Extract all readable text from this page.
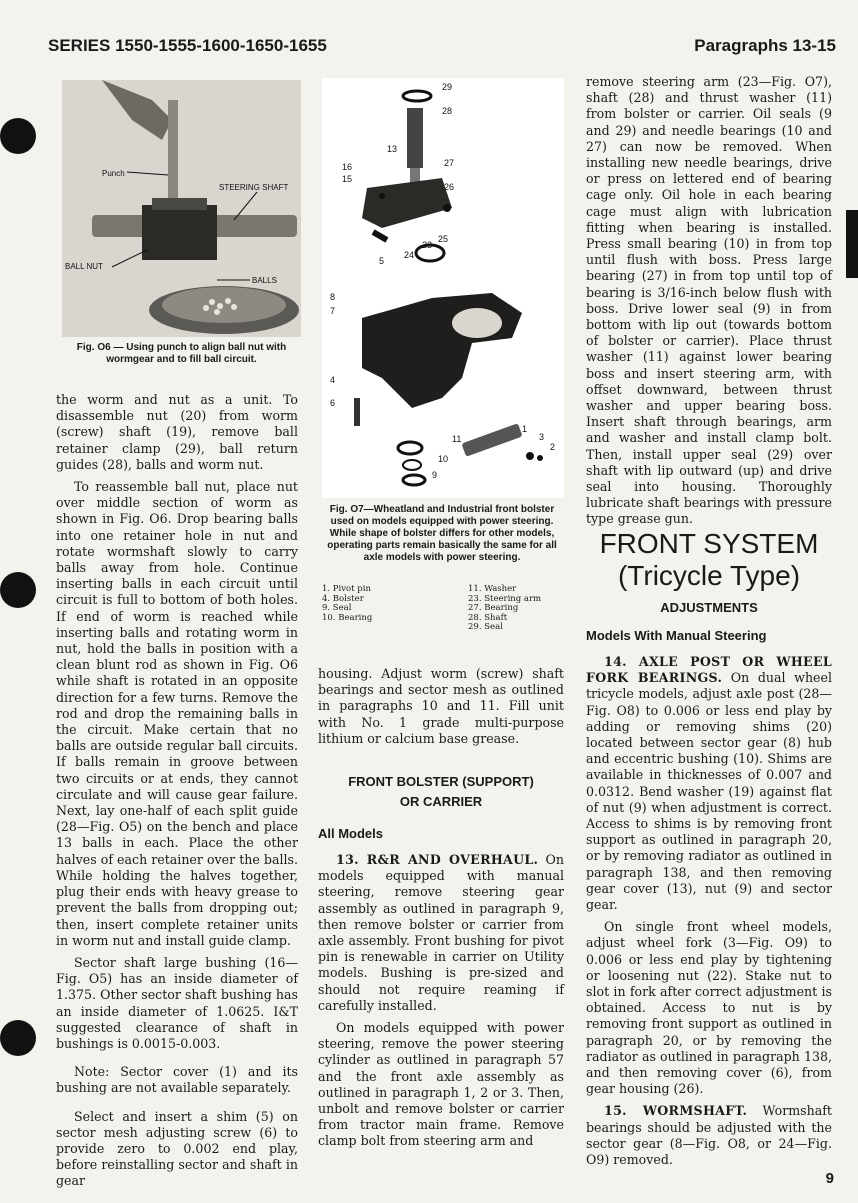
SERIES 1550-1555-1600-1650-1655	Paragraphs 13-15
Punch
STEERING SHAFT
BALL NUT
BALLS
Fig. O6 — Using punch to align ball nut with wormgear and to fill ball circuit.
29
28
16
13
15
27
26
25
23
24
5
8
7
4
6
11
10
9
1
3
2
Fig. O7—Wheatland and Industrial front bolster used on models equipped with power steering. While shape of bolster differs for other models, operating parts remain basically the same for all axle models with power steering.
1. Pivot pin
4. Bolster
9. Seal
10. Bearing
11. Washer
23. Steering arm
27. Bearing
28. Shaft
29. Seal

the worm and nut as a unit. To disassemble nut (20) from worm (screw) shaft (19), remove ball retainer clamp (29), ball return guides (28), balls and worm nut.

To reassemble ball nut, place nut over middle section of worm as shown in Fig. O6. Drop bearing balls into one retainer hole in nut and rotate wormshaft slowly to carry balls away from hole. Continue inserting balls in each circuit until circuit is full to bottom of both holes. If end of worm is reached while inserting balls and rotating worm in nut, hold the balls in position with a clean blunt rod as shown in Fig. O6 while shaft is rotated in an opposite direction for a few turns. Remove the rod and drop the remaining balls in the circuit. Make certain that no balls are outside regular ball circuits. If balls remain in groove between two circuits or at ends, they cannot circulate and will cause gear failure. Next, lay one-half of each split guide (28—Fig. O5) on the bench and place 13 balls in each. Place the other halves of each retainer over the balls. While holding the halves together, plug their ends with heavy grease to prevent the balls from dropping out; then, insert complete retainer units in worm nut and install guide clamp.

Sector shaft large bushing (16—Fig. O5) has an inside diameter of 1.375. Other sector shaft bushing has an inside diameter of 1.0625. I&T suggested clearance of shaft in bushings is 0.0015-0.003.

Note: Sector cover (1) and its bushing are not available separately.

Select and insert a shim (5) on sector mesh adjusting screw (6) to provide zero to 0.002 end play, before reinstalling sector and shaft in gear

housing. Adjust worm (screw) shaft bearings and sector mesh as outlined in paragraphs 10 and 11. Fill unit with No. 1 grade multi-purpose lithium or calcium base grease.

FRONT BOLSTER (SUPPORT)
OR CARRIER
All Models

13. R&R AND OVERHAUL. On models equipped with manual steering, remove steering gear assembly as outlined in paragraph 9, then remove bolster or carrier from axle assembly. Front bushing for pivot pin is renewable in carrier on Utility models. Bushing is pre-sized and should not require reaming if carefully installed.

On models equipped with power steering, remove the power steering cylinder as outlined in paragraph 57 and the front axle assembly as outlined in paragraph 1, 2 or 3. Then, unbolt and remove bolster or carrier from tractor main frame. Remove clamp bolt from steering arm and

remove steering arm (23—Fig. O7), shaft (28) and thrust washer (11) from bolster or carrier. Oil seals (9 and 29) and needle bearings (10 and 27) can now be removed. When installing new needle bearings, drive or press on lettered end of bearing cage only. Oil hole in each bearing cage must align with lubrication fitting when bearing is installed. Press small bearing (10) in from top until flush with boss. Press large bearing (27) in from top until top of bearing is 3/16-inch below flush with boss. Drive lower seal (9) in from bottom with lip out (towards bottom of bolster or carrier). Place thrust washer (11) against lower bearing boss and insert steering arm, with offset downward, between thrust washer and upper bearing boss. Insert shaft through bearings, arm and washer and install clamp bolt. Then, install upper seal (29) over shaft with lip outward (up) and drive seal into housing. Thoroughly lubricate shaft bearings with pressure type grease gun.

FRONT SYSTEM
(Tricycle Type)
ADJUSTMENTS
Models With Manual Steering

14. AXLE POST OR WHEEL FORK BEARINGS. On dual wheel tricycle models, adjust axle post (28—Fig. O8) to 0.006 or less end play by adding or removing shims (20) located between sector gear (8) hub and eccentric bushing (10). Shims are available in thicknesses of 0.007 and 0.0312. Bend washer (19) against flat of nut (9) when adjustment is correct. Access to shims is by removing front support as outlined in paragraph 20, or by removing radiator as outlined in paragraph 138, and then removing gear cover (13), nut (9) and sector gear.

On single front wheel models, adjust wheel fork (3—Fig. O9) to 0.006 or less end play by tightening or loosening nut (22). Stake nut to slot in fork after correct adjustment is obtained. Access to nut is by removing front support as outlined in paragraph 20, or by removing the radiator as outlined in paragraph 138, and then removing cover (6), from gear housing (26).

15. WORMSHAFT. Wormshaft bearings should be adjusted with the sector gear (8—Fig. O8, or 24—Fig. O9) removed.

9
